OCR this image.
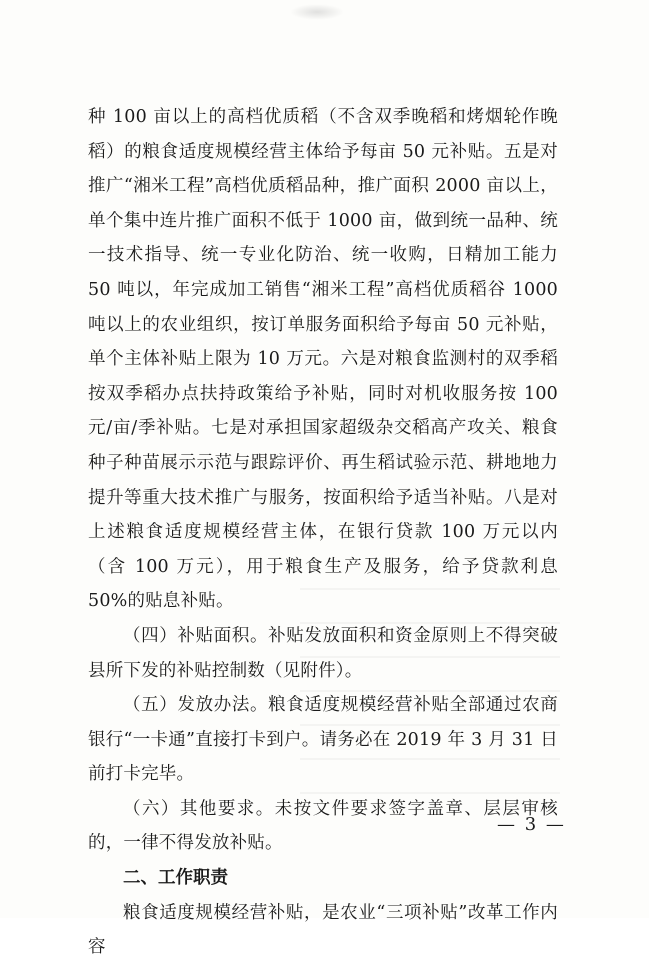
种 100 亩以上的高档优质稻（不含双季晚稻和烤烟轮作晚稻）的粮食适度规模经营主体给予每亩 50 元补贴。五是对推广“湘米工程”高档优质稻品种，推广面积 2000 亩以上，单个集中连片推广面积不低于 1000 亩，做到统一品种、统一技术指导、统一专业化防治、统一收购，日精加工能力 50 吨以，年完成加工销售“湘米工程”高档优质稻谷 1000 吨以上的农业组织，按订单服务面积给予每亩 50 元补贴，单个主体补贴上限为 10 万元。六是对粮食监测村的双季稻按双季稻办点扶持政策给予补贴，同时对机收服务按 100 元/亩/季补贴。七是对承担国家超级杂交稻高产攻关、粮食种子种苗展示示范与跟踪评价、再生稻试验示范、耕地地力提升等重大技术推广与服务，按面积给予适当补贴。八是对上述粮食适度规模经营主体，在银行贷款 100 万元以内（含 100 万元），用于粮食生产及服务，给予贷款利息 50%的贴息补贴。

（四）补贴面积。补贴发放面积和资金原则上不得突破县所下发的补贴控制数（见附件）。

（五）发放办法。粮食适度规模经营补贴全部通过农商银行“一卡通”直接打卡到户。请务必在 2019 年 3 月 31 日前打卡完毕。

（六）其他要求。未按文件要求签字盖章、层层审核的，一律不得发放补贴。

二、工作职责

粮食适度规模经营补贴，是农业“三项补贴”改革工作内容

— 3 —
